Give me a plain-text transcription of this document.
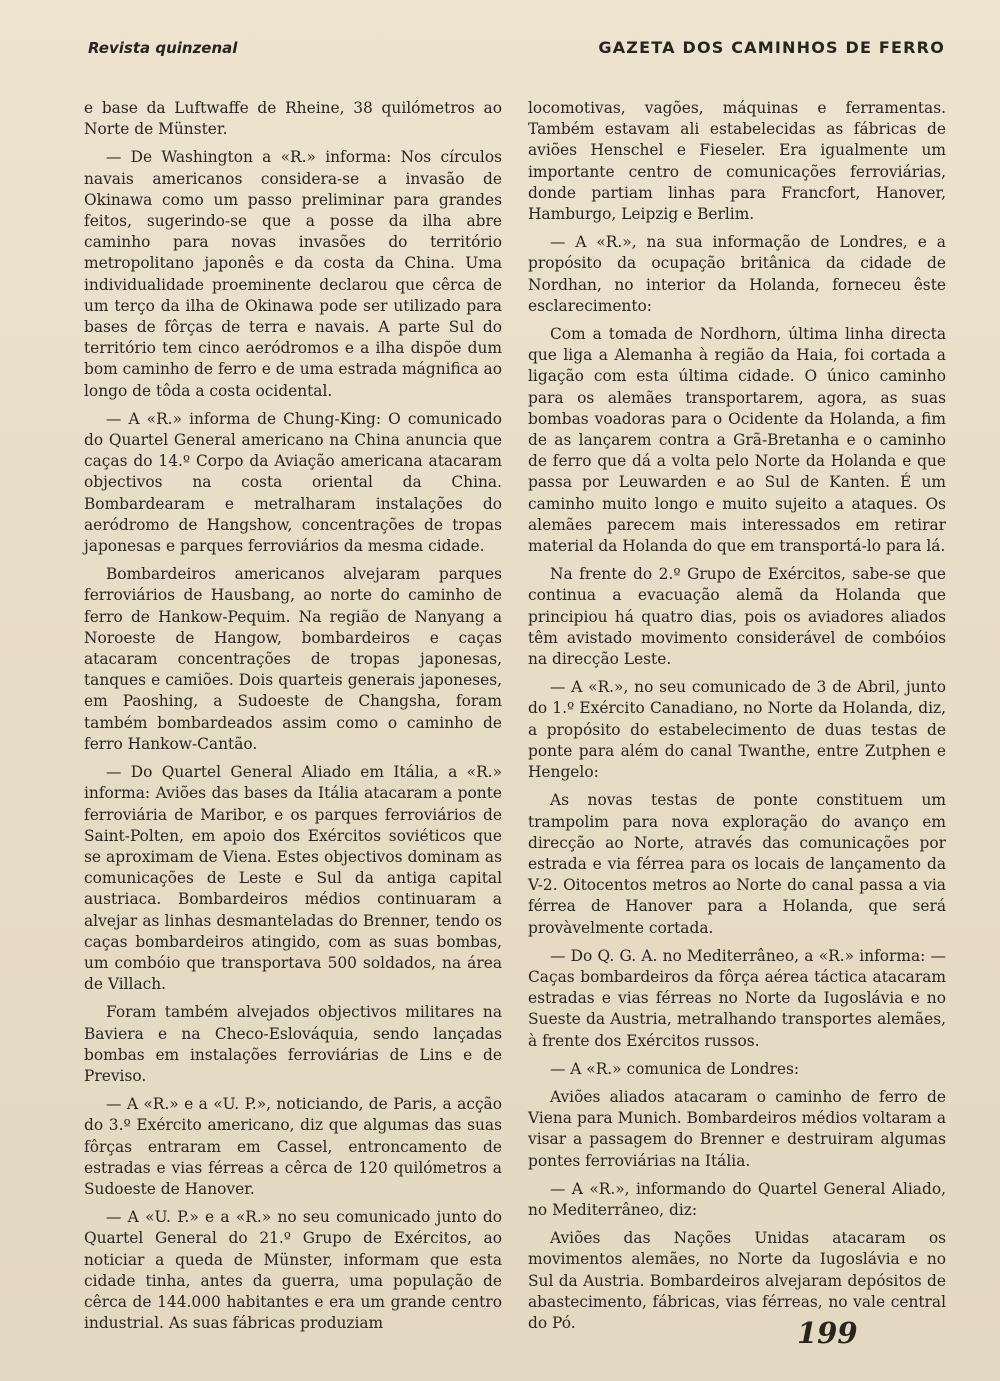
Revista quinzenal	GAZETA DOS CAMINHOS DE FERRO

e base da Luftwaffe de Rheine, 38 quilómetros ao Norte de Münster.

— De Washington a «R.» informa: Nos círculos navais americanos considera-se a invasão de Okinawa como um passo preliminar para grandes feitos, sugerindo-se que a posse da ilha abre caminho para novas invasões do território metropolitano japonês e da costa da China. Uma individualidade proeminente declarou que cêrca de um terço da ilha de Okinawa pode ser utilizado para bases de fôrças de terra e navais. A parte Sul do território tem cinco aeródromos e a ilha dispõe dum bom caminho de ferro e de uma estrada mágnifica ao longo de tôda a costa ocidental.

— A «R.» informa de Chung-King: O comunicado do Quartel General americano na China anuncia que caças do 14.º Corpo da Aviação americana atacaram objectivos na costa oriental da China. Bombardearam e metralharam instalações do aeródromo de Hangshow, concentrações de tropas japonesas e parques ferroviários da mesma cidade.

Bombardeiros americanos alvejaram parques ferroviários de Hausbang, ao norte do caminho de ferro de Hankow-Pequim. Na região de Nanyang a Noroeste de Hangow, bombardeiros e caças atacaram concentrações de tropas japonesas, tanques e camiões. Dois quarteis generais japoneses, em Paoshing, a Sudoeste de Changsha, foram também bombardeados assim como o caminho de ferro Hankow-Cantão.

— Do Quartel General Aliado em Itália, a «R.» informa: Aviões das bases da Itália atacaram a ponte ferroviária de Maribor, e os parques ferroviários de Saint-Polten, em apoio dos Exércitos soviéticos que se aproximam de Viena. Estes objectivos dominam as comunicações de Leste e Sul da antiga capital austriaca. Bombardeiros médios continuaram a alvejar as linhas desmanteladas do Brenner, tendo os caças bombardeiros atingido, com as suas bombas, um combóio que transportava 500 soldados, na área de Villach.

Foram também alvejados objectivos militares na Baviera e na Checo-Eslováquia, sendo lançadas bombas em instalações ferroviárias de Lins e de Previso.

— A «R.» e a «U. P.», noticiando, de Paris, a acção do 3.º Exército americano, diz que algumas das suas fôrças entraram em Cassel, entroncamento de estradas e vias férreas a cêrca de 120 quilómetros a Sudoeste de Hanover.

— A «U. P.» e a «R.» no seu comunicado junto do Quartel General do 21.º Grupo de Exércitos, ao noticiar a queda de Münster, informam que esta cidade tinha, antes da guerra, uma população de cêrca de 144.000 habitantes e era um grande centro industrial. As suas fábricas produziam

locomotivas, vagões, máquinas e ferramentas. Também estavam ali estabelecidas as fábricas de aviões Henschel e Fieseler. Era igualmente um importante centro de comunicações ferroviárias, donde partiam linhas para Francfort, Hanover, Hamburgo, Leipzig e Berlim.

— A «R.», na sua informação de Londres, e a propósito da ocupação britânica da cidade de Nordhan, no interior da Holanda, forneceu êste esclarecimento:

Com a tomada de Nordhorn, última linha directa que liga a Alemanha à região da Haia, foi cortada a ligação com esta última cidade. O único caminho para os alemães transportarem, agora, as suas bombas voadoras para o Ocidente da Holanda, a fim de as lançarem contra a Grã-Bretanha e o caminho de ferro que dá a volta pelo Norte da Holanda e que passa por Leuwarden e ao Sul de Kanten. É um caminho muito longo e muito sujeito a ataques. Os alemães parecem mais interessados em retirar material da Holanda do que em transportá-lo para lá.

Na frente do 2.º Grupo de Exércitos, sabe-se que continua a evacuação alemã da Holanda que principiou há quatro dias, pois os aviadores aliados têm avistado movimento considerável de combóios na direcção Leste.

— A «R.», no seu comunicado de 3 de Abril, junto do 1.º Exército Canadiano, no Norte da Holanda, diz, a propósito do estabelecimento de duas testas de ponte para além do canal Twanthe, entre Zutphen e Hengelo:

As novas testas de ponte constituem um trampolim para nova exploração do avanço em direcção ao Norte, através das comunicações por estrada e via férrea para os locais de lançamento da V-2. Oitocentos metros ao Norte do canal passa a via férrea de Hanover para a Holanda, que será provàvelmente cortada.

— Do Q. G. A. no Mediterrâneo, a «R.» informa: — Caças bombardeiros da fôrça aérea táctica atacaram estradas e vias férreas no Norte da Iugoslávia e no Sueste da Austria, metralhando transportes alemães, à frente dos Exércitos russos.

— A «R.» comunica de Londres:

Aviões aliados atacaram o caminho de ferro de Viena para Munich. Bombardeiros médios voltaram a visar a passagem do Brenner e destruiram algumas pontes ferroviárias na Itália.

— A «R.», informando do Quartel General Aliado, no Mediterrâneo, diz:

Aviões das Nações Unidas atacaram os movimentos alemães, no Norte da Iugoslávia e no Sul da Austria. Bombardeiros alvejaram depósitos de abastecimento, fábricas, vias férreas, no vale central do Pó.	199
